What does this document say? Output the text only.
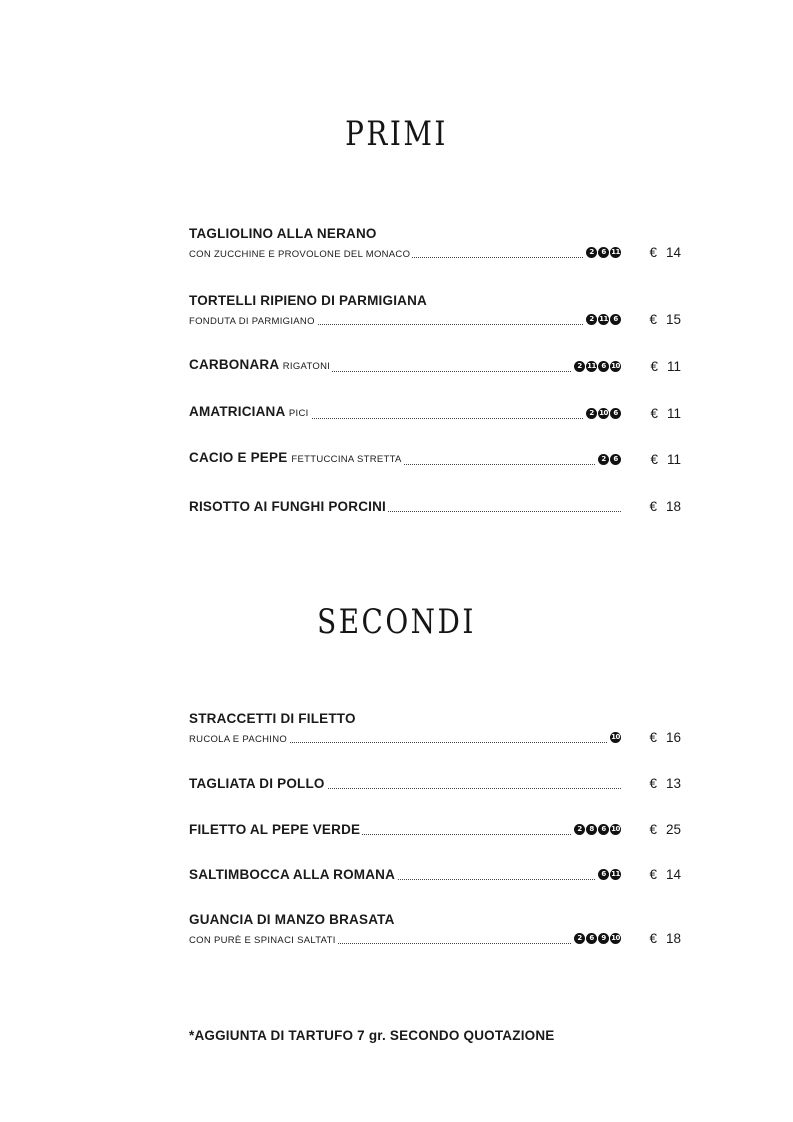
PRIMI
TAGLIOLINO ALLA NERANO
CON ZUCCHINE E PROVOLONE DEL MONACO	2	6 11 € 14
TORTELLI RIPIENO DI PARMIGIANA
FONDUTA DI PARMIGIANO	2 11 6 € 15
CARBONARA RIGATONI	2 11 6 10 € 11
AMATRICIANA PICI	2 10 6 € 11
CACIO E PEPE FETTUCCINA STRETTA	2	6 € 11
RISOTTO AI FUNGHI PORCINI	€ 18
SECONDI
STRACCETTI DI FILETTO
RUCOLA E PACHINO	10 € 16
TAGLIATA DI POLLO	€ 13
FILETTO AL PEPE VERDE	2	8	6 10 € 25
SALTIMBOCCA ALLA ROMANA	6 11 € 14
GUANCIA DI MANZO BRASATA
CON PURÈ E SPINACI SALTATI	2	6	9 10 € 18
*AGGIUNTA DI TARTUFO 7 gr. SECONDO QUOTAZIONE
